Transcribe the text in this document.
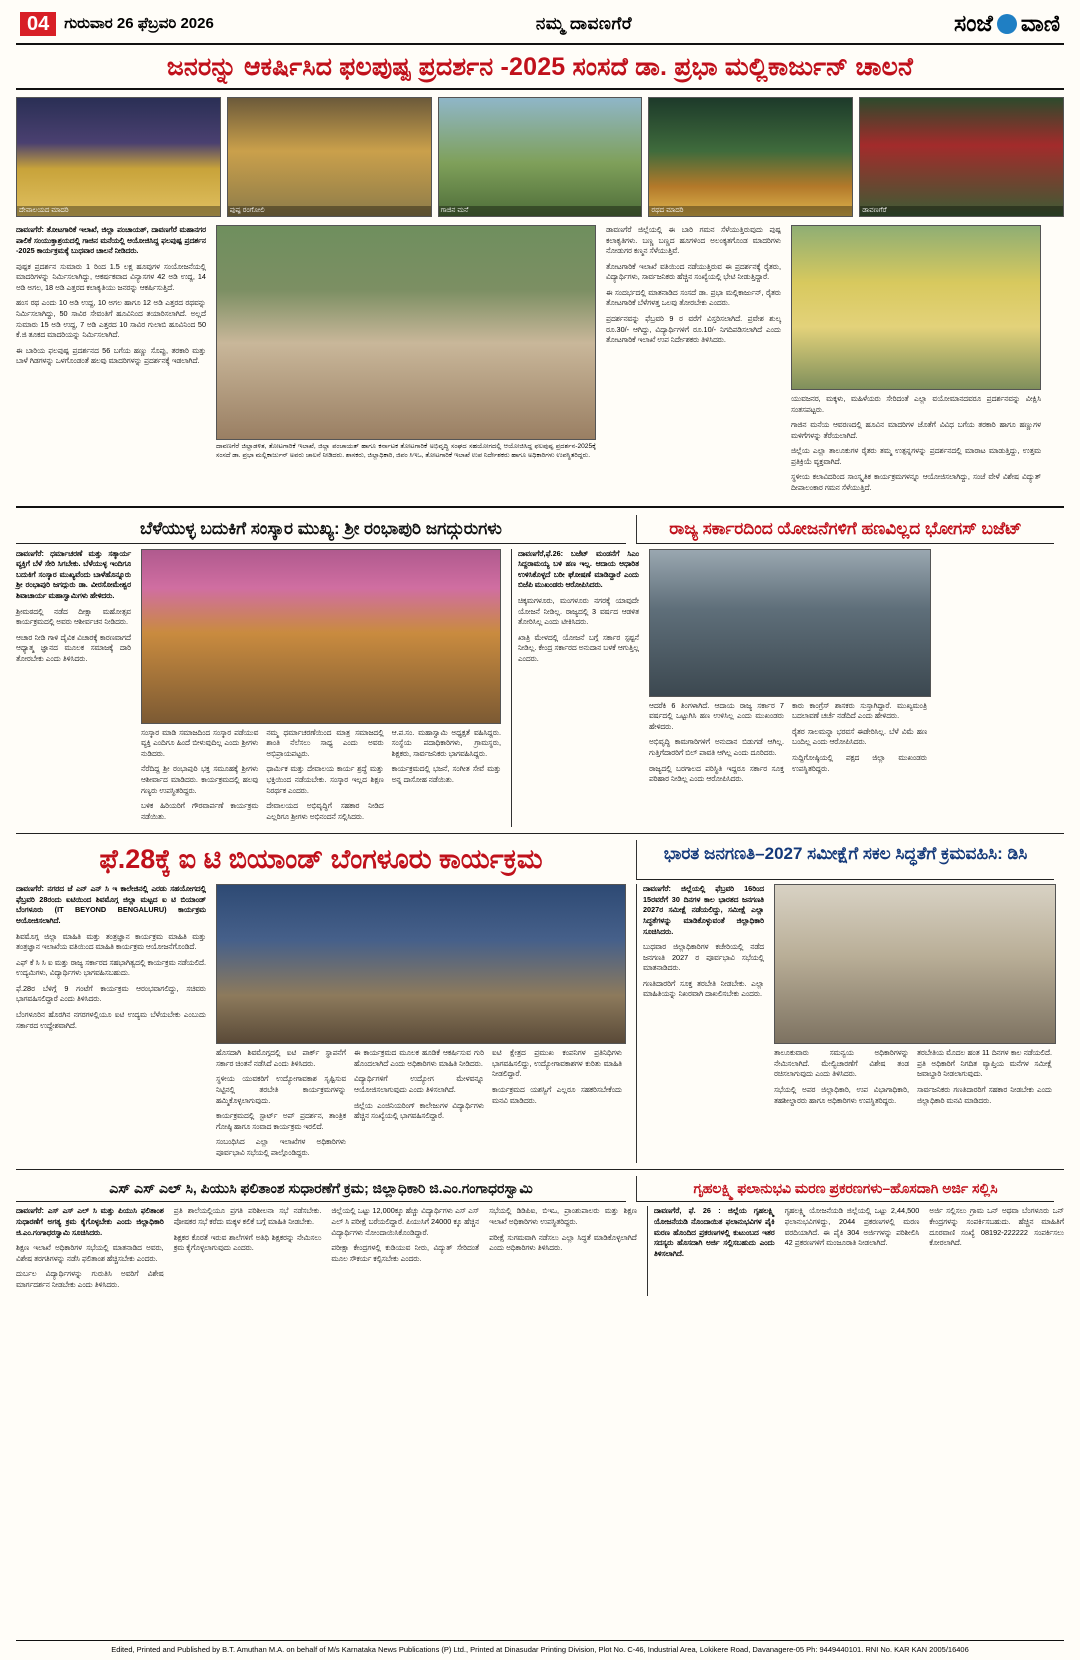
04	ಗುರುವಾರ 26 ಫೆಬ್ರವರಿ 2026	ನಮ್ಮ ದಾವಣಗೆರೆ	ಸಂಜೆ ವಾಣಿ
ಜನರನ್ನು ಆಕರ್ಷಿಸಿದ ಫಲಪುಷ್ಪ ಪ್ರದರ್ಶನ -2025 ಸಂಸದೆ ಡಾ. ಪ್ರಭಾ ಮಲ್ಲಿಕಾರ್ಜುನ್ ಚಾಲನೆ
ದೇವಾಲಯದ ಮಾದರಿ	ಪುಷ್ಪ ರಂಗೋಲಿ	ಗಾಜಿನ ಮನೆ	ರಥದ ಮಾದರಿ	ಡಾವಣಗೆರೆ

ದಾವಣಗೆರೆ: ತೋಟಗಾರಿಕೆ ಇಲಾಖೆ, ಜಿಲ್ಲಾ ಪಂಚಾಯತ್, ದಾವಣಗೆರೆ ಮಹಾನಗರ ಪಾಲಿಕೆ ಸಂಯುಕ್ತಾಶ್ರಯದಲ್ಲಿ ಗಾಜಿನ ಮನೆಯಲ್ಲಿ ಆಯೋಜಿಸಿದ್ದ ಫಲಪುಷ್ಪ ಪ್ರದರ್ಶನ -2025 ಕಾರ್ಯಕ್ರಮಕ್ಕೆ ಬುಧವಾರ ಚಾಲನೆ ನೀಡಿದರು.

ಪುಷ್ಪಕ ಪ್ರದರ್ಶನ ಸುಮಾರು 1 ರಿಂದ 1.5 ಲಕ್ಷ ಹೂವುಗಳ ಸಂಯೋಜನೆಯಲ್ಲಿ ಮಾದರಿಗಳನ್ನು ನಿರ್ಮಿಸಲಾಗಿದ್ದು, ಆಕರ್ಷಕವಾದ ವಿನ್ಯಾಸಗಳ 42 ಅಡಿ ಉದ್ದ, 14 ಅಡಿ ಅಗಲ, 18 ಅಡಿ ಎತ್ತರದ ಕಲಾಕೃತಿಯು ಜನರನ್ನು ಆಕರ್ಷಿಸುತ್ತಿದೆ.

ಹಂಸ ರಥ ಎಂದು 10 ಅಡಿ ಉದ್ದ, 10 ಅಗಲ ಹಾಗೂ 12 ಅಡಿ ಎತ್ತರದ ರಥವನ್ನು ನಿರ್ಮಿಸಲಾಗಿದ್ದು, 50 ಸಾವಿರ ಸೇವಂತಿಗೆ ಹೂವಿನಿಂದ ತಯಾರಿಸಲಾಗಿದೆ. ಅಲ್ಲದೆ ಸುಮಾರು 15 ಅಡಿ ಉದ್ದ, 7 ಅಡಿ ಎತ್ತರದ 10 ಸಾವಿರ ಗುಲಾಬಿ ಹೂವಿನಿಂದ 50 ಕೆ.ಜಿ ತೂಕದ ಮಾದರಿಯನ್ನು ನಿರ್ಮಿಸಲಾಗಿದೆ.

ಈ ಬಾರಿಯ ಫಲಪುಷ್ಪ ಪ್ರದರ್ಶನದ 56 ಬಗೆಯ ಹಣ್ಣು ಸೊಪ್ಪು, ತರಕಾರಿ ಮತ್ತು ಬಾಳೆ ಗಿಡಗಳನ್ನು ಒಳಗೊಂಡಂತೆ ಹಲವು ಮಾದರಿಗಳನ್ನು ಪ್ರದರ್ಶನಕ್ಕೆ ಇಡಲಾಗಿದೆ.

ದಾವಣಗೆರೆ ಜಿಲ್ಲಾಡಳಿತ, ತೋಟಗಾರಿಕೆ ಇಲಾಖೆ, ಜಿಲ್ಲಾ ಪಂಚಾಯತ್ ಹಾಗೂ ಕರ್ನಾಟಕ ತೋಟಗಾರಿಕೆ ಅಭಿವೃದ್ಧಿ ಸಂಘದ ಸಹಯೋಗದಲ್ಲಿ ಆಯೋಜಿಸಿದ್ದ ಫಲಪುಷ್ಪ ಪ್ರದರ್ಶನ-2025ಕ್ಕೆ ಸಂಸದೆ ಡಾ. ಪ್ರಭಾ ಮಲ್ಲಿಕಾರ್ಜುನ್ ಅವರು ಚಾಲನೆ ನೀಡಿದರು. ಶಾಸಕರು, ಜಿಲ್ಲಾಧಿಕಾರಿ, ಜಿಪಂ ಸಿಇಒ, ತೋಟಗಾರಿಕೆ ಇಲಾಖೆ ಉಪ ನಿರ್ದೇಶಕರು ಹಾಗೂ ಅಧಿಕಾರಿಗಳು ಉಪಸ್ಥಿತರಿದ್ದರು.

ಡಾವಣಗೆರೆ ಜಿಲ್ಲೆಯಲ್ಲಿ ಈ ಬಾರಿ ಗಮನ ಸೆಳೆಯುತ್ತಿರುವುದು ಪುಷ್ಪ ಕಲಾಕೃತಿಗಳು. ಬಣ್ಣ ಬಣ್ಣದ ಹೂಗಳಿಂದ ಅಲಂಕೃತಗೊಂಡ ಮಾದರಿಗಳು ನೋಡುಗರ ಕಣ್ಮನ ಸೆಳೆಯುತ್ತಿವೆ.

ತೋಟಗಾರಿಕೆ ಇಲಾಖೆ ವತಿಯಿಂದ ನಡೆಯುತ್ತಿರುವ ಈ ಪ್ರದರ್ಶನಕ್ಕೆ ರೈತರು, ವಿದ್ಯಾರ್ಥಿಗಳು, ಸಾರ್ವಜನಿಕರು ಹೆಚ್ಚಿನ ಸಂಖ್ಯೆಯಲ್ಲಿ ಭೇಟಿ ನೀಡುತ್ತಿದ್ದಾರೆ.

ಈ ಸಂದರ್ಭದಲ್ಲಿ ಮಾತನಾಡಿದ ಸಂಸದೆ ಡಾ. ಪ್ರಭಾ ಮಲ್ಲಿಕಾರ್ಜುನ್, ರೈತರು ತೋಟಗಾರಿಕೆ ಬೆಳೆಗಳತ್ತ ಒಲವು ತೋರಬೇಕು ಎಂದರು.

ಪ್ರದರ್ಶನವನ್ನು ಫೆಬ್ರವರಿ 9 ರ ವರೆಗೆ ವಿಸ್ತರಿಸಲಾಗಿದೆ. ಪ್ರವೇಶ ಶುಲ್ಕ ರೂ.30/- ಆಗಿದ್ದು, ವಿದ್ಯಾರ್ಥಿಗಳಿಗೆ ರೂ.10/- ನಿಗದಿಪಡಿಸಲಾಗಿದೆ ಎಂದು ತೋಟಗಾರಿಕೆ ಇಲಾಖೆ ಉಪ ನಿರ್ದೇಶಕರು ತಿಳಿಸಿದರು.

ಯುವಜನರ, ಮಕ್ಕಳು, ಮಹಿಳೆಯರು ಸೇರಿದಂತೆ ಎಲ್ಲಾ ವಯೋಮಾನದವರೂ ಪ್ರದರ್ಶನವನ್ನು ವೀಕ್ಷಿಸಿ ಸಂತಸಪಟ್ಟರು.

ಗಾಜಿನ ಮನೆಯ ಆವರಣದಲ್ಲಿ ಹೂವಿನ ಮಾದರಿಗಳ ಜೊತೆಗೆ ವಿವಿಧ ಬಗೆಯ ತರಕಾರಿ ಹಾಗೂ ಹಣ್ಣುಗಳ ಮಳಿಗೆಗಳನ್ನು ತೆರೆಯಲಾಗಿದೆ.

ಜಿಲ್ಲೆಯ ಎಲ್ಲಾ ತಾಲೂಕುಗಳ ರೈತರು ತಮ್ಮ ಉತ್ಪನ್ನಗಳನ್ನು ಪ್ರದರ್ಶನದಲ್ಲಿ ಮಾರಾಟ ಮಾಡುತ್ತಿದ್ದು, ಉತ್ತಮ ಪ್ರತಿಕ್ರಿಯೆ ವ್ಯಕ್ತವಾಗಿದೆ.

ಸ್ಥಳೀಯ ಕಲಾವಿದರಿಂದ ಸಾಂಸ್ಕೃತಿಕ ಕಾರ್ಯಕ್ರಮಗಳನ್ನೂ ಆಯೋಜಿಸಲಾಗಿದ್ದು, ಸಂಜೆ ವೇಳೆ ವಿಶೇಷ ವಿದ್ಯುತ್ ದೀಪಾಲಂಕಾರ ಗಮನ ಸೆಳೆಯುತ್ತಿದೆ.

ಬೆಳೆಯುಳ್ಳ ಬದುಕಿಗೆ ಸಂಸ್ಕಾರ ಮುಖ್ಯ: ಶ್ರೀ ರಂಭಾಪುರಿ ಜಗದ್ಗುರುಗಳು	ರಾಜ್ಯ ಸರ್ಕಾರದಿಂದ ಯೋಜನೆಗಳಿಗೆ ಹಣವಿಲ್ಲದ ಭೋಗಸ್ ಬಜೆಟ್

ದಾವಣಗೆರೆ: ಧರ್ಮಾಚರಣೆ ಮತ್ತು ಸತ್ಕಾರ್ಯ ವ್ಯಕ್ತಿಗೆ ಬೆಳೆ ಸೇರಿ ಸಿಗಬೇಕು. ಬೆಳೆಯುಳ್ಳ ಇಂದಿಗೂ ಬದುಕಿಗೆ ಸಂಸ್ಕಾರ ಮುಖ್ಯವೆಂದು ಬಾಳೆಹೊನ್ನೂರು ಶ್ರೀ ರಂಭಾಪುರಿ ಜಗದ್ಗುರು ಡಾ. ವೀರಸೋಮೇಶ್ವರ ಶಿವಾಚಾರ್ಯ ಮಹಾಸ್ವಾಮಿಗಳು ಹೇಳಿದರು.

ಶ್ರೀಮಠದಲ್ಲಿ ನಡೆದ ದೀಕ್ಷಾ ಮಹೋತ್ಸವ ಕಾರ್ಯಕ್ರಮದಲ್ಲಿ ಅವರು ಆಶೀರ್ವಚನ ನೀಡಿದರು.

ಆಚಾರ ನೀಡಿ ಗಾಳಿ ದೈವಿಕ ವಿಚಾರಕ್ಕೆ ಕಾರಣವಾಗದೆ ಆಧ್ಯಾತ್ಮ ಜ್ಞಾನದ ಮೂಲಕ ಸಮಾಜಕ್ಕೆ ದಾರಿ ತೋರಬೇಕು ಎಂದು ತಿಳಿಸಿದರು.

ಸಂಸ್ಕಾರ ಮಾಡಿ ಸಮಾಜದಿಂದ ಸಂಸ್ಕಾರ ಪಡೆಯುವ ವ್ಯಕ್ತಿ ಎಂದಿಗೂ ಹಿಂದೆ ಬೀಳುವುದಿಲ್ಲ ಎಂದು ಶ್ರೀಗಳು ನುಡಿದರು.

ನೆರೆದಿದ್ದ ಶ್ರೀ ರಂಭಾಪುರಿ ಭಕ್ತ ಸಮೂಹಕ್ಕೆ ಶ್ರೀಗಳು ಆಶೀರ್ವಾದ ಮಾಡಿದರು. ಕಾರ್ಯಕ್ರಮದಲ್ಲಿ ಹಲವು ಗಣ್ಯರು ಉಪಸ್ಥಿತರಿದ್ದರು.

ಬಳಿಕ ಹಿರಿಯರಿಗೆ ಗೌರವಾರ್ಪಣೆ ಕಾರ್ಯಕ್ರಮ ನಡೆಯಿತು.

ನಮ್ಮ ಧರ್ಮಾಚರಣೆಯಿಂದ ಮಾತ್ರ ಸಮಾಜದಲ್ಲಿ ಶಾಂತಿ ನೆಲೆಸಲು ಸಾಧ್ಯ ಎಂದು ಅವರು ಅಭಿಪ್ರಾಯಪಟ್ಟರು.

ಧಾರ್ಮಿಕ ಮತ್ತು ದೇವಾಲಯ ಕಾರ್ಯ ಶ್ರದ್ಧೆ ಮತ್ತು ಭಕ್ತಿಯಿಂದ ನಡೆಯಬೇಕು. ಸಂಸ್ಕಾರ ಇಲ್ಲದ ಶಿಕ್ಷಣ ನಿರರ್ಥಕ ಎಂದರು.

ದೇವಾಲಯದ ಅಭಿವೃದ್ಧಿಗೆ ಸಹಕಾರ ನೀಡಿದ ಎಲ್ಲರಿಗೂ ಶ್ರೀಗಳು ಅಭಿನಂದನೆ ಸಲ್ಲಿಸಿದರು.

ಆ.ಪ.ಸಂ. ಮಹಾಸ್ವಾಮಿ ಅಧ್ಯಕ್ಷತೆ ವಹಿಸಿದ್ದರು. ಸಂಸ್ಥೆಯ ಪದಾಧಿಕಾರಿಗಳು, ಗ್ರಾಮಸ್ಥರು, ಶಿಕ್ಷಕರು, ಸಾರ್ವಜನಿಕರು ಭಾಗವಹಿಸಿದ್ದರು.

ಕಾರ್ಯಕ್ರಮದಲ್ಲಿ ಭಜನೆ, ಸಂಗೀತ ಸೇವೆ ಮತ್ತು ಅನ್ನ ದಾಸೋಹ ನಡೆಯಿತು.

ದಾವಣಗೆರೆ,ಫೆ.26: ಬಜೆಟ್ ಮಂಡನೆಗೆ ಸಿಎಂ ಸಿದ್ದರಾಮಯ್ಯ ಬಳಿ ಹಣ ಇಲ್ಲ. ಆದಾಯ ಆಧಾರಿತ ಉಳಿಸಿಕೊಳ್ಳದೆ ಬರೀ ಘೋಷಣೆ ಮಾಡಿದ್ದಾರೆ ಎಂದು ಬಿಜೆಪಿ ಮುಖಂಡರು ಆರೋಪಿಸಿದರು.

ಚಿಕ್ಕಮಗಳೂರು, ಮಂಗಳೂರು ನಗರಕ್ಕೆ ಯಾವುದೇ ಯೋಜನೆ ನೀಡಿಲ್ಲ. ರಾಜ್ಯದಲ್ಲಿ 3 ವರ್ಷದ ಆಡಳಿತ ತೋರಿಸಿಲ್ಲ ಎಂದು ಟೀಕಿಸಿದರು.

ಖಾತ್ರಿ ಮೇಳದಲ್ಲಿ ಯೋಜನೆ ಬಗ್ಗೆ ಸರ್ಕಾರ ಸ್ಪಷ್ಟನೆ ನೀಡಿಲ್ಲ. ಕೇಂದ್ರ ಸರ್ಕಾರದ ಅನುದಾನ ಬಳಕೆ ಆಗುತ್ತಿಲ್ಲ ಎಂದರು.

ಆದರೆಕಿ 6 ತಿಂಗಳಾಗಿದೆ. ಆದಾಯ ರಾಜ್ಯ ಸರ್ಕಾರ 7 ವರ್ಷದಲ್ಲಿ ಒಟ್ಟುಗಿಸಿ ಹಣ ಉಳಿಸಿಲ್ಲ ಎಂದು ಮುಖಂಡರು ಹೇಳಿದರು.

ಅಭಿವೃದ್ಧಿ ಕಾಮಗಾರಿಗಳಿಗೆ ಅನುದಾನ ಬಿಡುಗಡೆ ಆಗಿಲ್ಲ. ಗುತ್ತಿಗೆದಾರರಿಗೆ ಬಿಲ್ ಪಾವತಿ ಆಗಿಲ್ಲ ಎಂದು ದೂರಿದರು.

ರಾಜ್ಯದಲ್ಲಿ ಬರಗಾಲದ ಪರಿಸ್ಥಿತಿ ಇದ್ದರೂ ಸರ್ಕಾರ ಸೂಕ್ತ ಪರಿಹಾರ ನೀಡಿಲ್ಲ ಎಂದು ಆರೋಪಿಸಿದರು.

ಕಾರು ಕಾಂಗ್ರೆಸ್ ಶಾಸಕರು ಸುಸ್ತಾಗಿದ್ದಾರೆ. ಮುಖ್ಯಮಂತ್ರಿ ಬದಲಾವಣೆ ಚರ್ಚೆ ನಡೆದಿದೆ ಎಂದು ಹೇಳಿದರು.

ರೈತರ ಸಾಲಮನ್ನಾ ಭರವಸೆ ಈಡೇರಿಸಿಲ್ಲ. ಬೆಳೆ ವಿಮೆ ಹಣ ಬಂದಿಲ್ಲ ಎಂದು ಆರೋಪಿಸಿದರು.

ಸುದ್ದಿಗೋಷ್ಠಿಯಲ್ಲಿ ಪಕ್ಷದ ಜಿಲ್ಲಾ ಮುಖಂಡರು ಉಪಸ್ಥಿತರಿದ್ದರು.

ಫೆ.28ಕ್ಕೆ ಐ ಟಿ ಬಿಯಾಂಡ್ ಬೆಂಗಳೂರು ಕಾರ್ಯಕ್ರಮ	ಭಾರತ ಜನಗಣತಿ–2027 ಸಮೀಕ್ಷೆಗೆ ಸಕಲ ಸಿದ್ಧತೆಗೆ ಕ್ರಮವಹಿಸಿ: ಡಿಸಿ

ದಾವಣಗೆರೆ: ನಗರದ ಜೆ ಎನ್ ಎನ್ ಸಿ ಇ ಕಾಲೇಜಿನಲ್ಲಿ ಎರಡು ಸಹಯೋಗದಲ್ಲಿ ಫೆಬ್ರವರಿ 28ರಂದು ಐಟಿಯಿಂದ ಶಿವಮೊಗ್ಗ ಜಿಲ್ಲಾ ಮಟ್ಟದ ಐ ಟಿ ಬಿಯಾಂಡ್ ಬೆಂಗಳೂರು (IT BEYOND BENGALURU) ಕಾರ್ಯಕ್ರಮ ಆಯೋಜಿಸಲಾಗಿದೆ.

ಶಿವಮೊಗ್ಗ ಜಿಲ್ಲಾ ಮಾಹಿತಿ ಮತ್ತು ತಂತ್ರಜ್ಞಾನ ಕಾರ್ಯಕ್ರಮ ಮಾಹಿತಿ ಮತ್ತು ತಂತ್ರಜ್ಞಾನ ಇಲಾಖೆಯ ವತಿಯಿಂದ ಮಾಹಿತಿ ಕಾರ್ಯಕ್ರಮ ಆಯೋಜನೆಗೊಂಡಿದೆ.

ಎಫ್ ಕೆ ಸಿ ಸಿ ಐ ಮತ್ತು ರಾಜ್ಯ ಸರ್ಕಾರದ ಸಹಭಾಗಿತ್ವದಲ್ಲಿ ಕಾರ್ಯಕ್ರಮ ನಡೆಯಲಿದೆ. ಉದ್ಯಮಿಗಳು, ವಿದ್ಯಾರ್ಥಿಗಳು ಭಾಗವಹಿಸಬಹುದು.

ಫೆ.28ರ ಬೆಳಿಗ್ಗೆ 9 ಗಂಟೆಗೆ ಕಾರ್ಯಕ್ರಮ ಆರಂಭವಾಗಲಿದ್ದು, ಸಚಿವರು ಭಾಗವಹಿಸಲಿದ್ದಾರೆ ಎಂದು ತಿಳಿಸಿದರು.

ಬೆಂಗಳೂರಿನ ಹೊರಗಿನ ನಗರಗಳಲ್ಲಿಯೂ ಐಟಿ ಉದ್ಯಮ ಬೆಳೆಯಬೇಕು ಎಂಬುದು ಸರ್ಕಾರದ ಉದ್ದೇಶವಾಗಿದೆ.

ಹೊಸದಾಗಿ ಶಿವಮೊಗ್ಗದಲ್ಲಿ ಐಟಿ ಪಾರ್ಕ್ ಸ್ಥಾಪನೆಗೆ ಸರ್ಕಾರ ಚಿಂತನೆ ನಡೆಸಿದೆ ಎಂದು ತಿಳಿಸಿದರು.

ಸ್ಥಳೀಯ ಯುವಕರಿಗೆ ಉದ್ಯೋಗಾವಕಾಶ ಸೃಷ್ಟಿಸುವ ನಿಟ್ಟಿನಲ್ಲಿ ತರಬೇತಿ ಕಾರ್ಯಕ್ರಮಗಳನ್ನು ಹಮ್ಮಿಕೊಳ್ಳಲಾಗುವುದು.

ಕಾರ್ಯಕ್ರಮದಲ್ಲಿ ಸ್ಟಾರ್ಟ್ ಅಪ್ ಪ್ರದರ್ಶನ, ತಾಂತ್ರಿಕ ಗೋಷ್ಠಿ ಹಾಗೂ ಸಂವಾದ ಕಾರ್ಯಕ್ರಮ ಇರಲಿದೆ.

ಸಂಬಂಧಿಸಿದ ಎಲ್ಲಾ ಇಲಾಖೆಗಳ ಅಧಿಕಾರಿಗಳು ಪೂರ್ವಭಾವಿ ಸಭೆಯಲ್ಲಿ ಪಾಲ್ಗೊಂಡಿದ್ದರು.

ಈ ಕಾರ್ಯಕ್ರಮದ ಮೂಲಕ ಹೂಡಿಕೆ ಆಕರ್ಷಿಸುವ ಗುರಿ ಹೊಂದಲಾಗಿದೆ ಎಂದು ಅಧಿಕಾರಿಗಳು ಮಾಹಿತಿ ನೀಡಿದರು.

ವಿದ್ಯಾರ್ಥಿಗಳಿಗೆ ಉದ್ಯೋಗ ಮೇಳವನ್ನೂ ಆಯೋಜಿಸಲಾಗುವುದು ಎಂದು ತಿಳಿಸಲಾಗಿದೆ.

ಜಿಲ್ಲೆಯ ಎಂಜಿನಿಯರಿಂಗ್ ಕಾಲೇಜುಗಳ ವಿದ್ಯಾರ್ಥಿಗಳು ಹೆಚ್ಚಿನ ಸಂಖ್ಯೆಯಲ್ಲಿ ಭಾಗವಹಿಸಲಿದ್ದಾರೆ.

ಐಟಿ ಕ್ಷೇತ್ರದ ಪ್ರಮುಖ ಕಂಪನಿಗಳ ಪ್ರತಿನಿಧಿಗಳು ಭಾಗವಹಿಸಲಿದ್ದು, ಉದ್ಯೋಗಾವಕಾಶಗಳ ಕುರಿತು ಮಾಹಿತಿ ನೀಡಲಿದ್ದಾರೆ.

ಕಾರ್ಯಕ್ರಮದ ಯಶಸ್ವಿಗೆ ಎಲ್ಲರೂ ಸಹಕರಿಸಬೇಕೆಂದು ಮನವಿ ಮಾಡಿದರು.

ದಾವಣಗೆರೆ: ಜಿಲ್ಲೆಯಲ್ಲಿ ಫೆಬ್ರವರಿ 16ರಿಂದ 15ರವರೆಗೆ 30 ದಿನಗಳ ಕಾಲ ಭಾರತದ ಜನಗಣತಿ 2027ರ ಸಮೀಕ್ಷೆ ನಡೆಯಲಿದ್ದು, ಸಮೀಕ್ಷೆ ಎಲ್ಲಾ ಸಿದ್ಧತೆಗಳನ್ನು ಮಾಡಿಕೊಳ್ಳುವಂತೆ ಜಿಲ್ಲಾಧಿಕಾರಿ ಸೂಚಿಸಿದರು.

ಬುಧವಾರ ಜಿಲ್ಲಾಧಿಕಾರಿಗಳ ಕಚೇರಿಯಲ್ಲಿ ನಡೆದ ಜನಗಣತಿ 2027 ರ ಪೂರ್ವಭಾವಿ ಸಭೆಯಲ್ಲಿ ಮಾತನಾಡಿದರು.

ಗಣತಿದಾರರಿಗೆ ಸೂಕ್ತ ತರಬೇತಿ ನೀಡಬೇಕು. ಎಲ್ಲಾ ಮಾಹಿತಿಯನ್ನು ನಿಖರವಾಗಿ ದಾಖಲಿಸಬೇಕು ಎಂದರು.

ತಾಲೂಕುವಾರು ಸಮನ್ವಯ ಅಧಿಕಾರಿಗಳನ್ನು ನೇಮಿಸಲಾಗಿದೆ. ಮೇಲ್ವಿಚಾರಣೆಗೆ ವಿಶೇಷ ತಂಡ ರಚಿಸಲಾಗುವುದು ಎಂದು ತಿಳಿಸಿದರು.

ಸಭೆಯಲ್ಲಿ ಅಪರ ಜಿಲ್ಲಾಧಿಕಾರಿ, ಉಪ ವಿಭಾಗಾಧಿಕಾರಿ, ತಹಶೀಲ್ದಾರರು ಹಾಗೂ ಅಧಿಕಾರಿಗಳು ಉಪಸ್ಥಿತರಿದ್ದರು.

ತರಬೇತಿಯ ಮೊದಲ ಹಂತ 11 ದಿನಗಳ ಕಾಲ ನಡೆಯಲಿದೆ. ಪ್ರತಿ ಅಧಿಕಾರಿಗೆ ನಿಗದಿತ ವ್ಯಾಪ್ತಿಯ ಮನೆಗಳ ಸಮೀಕ್ಷೆ ಜವಾಬ್ದಾರಿ ನೀಡಲಾಗುವುದು.

ಸಾರ್ವಜನಿಕರು ಗಣತಿದಾರರಿಗೆ ಸಹಕಾರ ನೀಡಬೇಕು ಎಂದು ಜಿಲ್ಲಾಧಿಕಾರಿ ಮನವಿ ಮಾಡಿದರು.

ಎಸ್ ಎಸ್ ಎಲ್ ಸಿ, ಪಿಯುಸಿ ಫಲಿತಾಂಶ ಸುಧಾರಣೆಗೆ ಕ್ರಮ; ಜಿಲ್ಲಾಧಿಕಾರಿ ಜಿ.ಎಂ.ಗಂಗಾಧರಸ್ವಾಮಿ	ಗೃಹಲಕ್ಷ್ಮಿ ಫಲಾನುಭವಿ ಮರಣ ಪ್ರಕರಣಗಳು–ಹೊಸದಾಗಿ ಅರ್ಜಿ ಸಲ್ಲಿಸಿ

ದಾವಣಗೆರೆ: ಎಸ್ ಎಸ್ ಎಲ್ ಸಿ ಮತ್ತು ಪಿಯುಸಿ ಫಲಿತಾಂಶ ಸುಧಾರಣೆಗೆ ಅಗತ್ಯ ಕ್ರಮ ಕೈಗೊಳ್ಳಬೇಕು ಎಂದು ಜಿಲ್ಲಾಧಿಕಾರಿ ಜಿ.ಎಂ.ಗಂಗಾಧರಸ್ವಾಮಿ ಸೂಚಿಸಿದರು.

ಶಿಕ್ಷಣ ಇಲಾಖೆ ಅಧಿಕಾರಿಗಳ ಸಭೆಯಲ್ಲಿ ಮಾತನಾಡಿದ ಅವರು, ವಿಶೇಷ ತರಗತಿಗಳನ್ನು ನಡೆಸಿ ಫಲಿತಾಂಶ ಹೆಚ್ಚಿಸಬೇಕು ಎಂದರು.

ದುರ್ಬಲ ವಿದ್ಯಾರ್ಥಿಗಳನ್ನು ಗುರುತಿಸಿ ಅವರಿಗೆ ವಿಶೇಷ ಮಾರ್ಗದರ್ಶನ ನೀಡಬೇಕು ಎಂದು ತಿಳಿಸಿದರು.

ಪ್ರತಿ ಶಾಲೆಯಲ್ಲಿಯೂ ಪ್ರಗತಿ ಪರಿಶೀಲನಾ ಸಭೆ ನಡೆಸಬೇಕು. ಪೋಷಕರ ಸಭೆ ಕರೆದು ಮಕ್ಕಳ ಕಲಿಕೆ ಬಗ್ಗೆ ಮಾಹಿತಿ ನೀಡಬೇಕು.

ಶಿಕ್ಷಕರ ಕೊರತೆ ಇರುವ ಶಾಲೆಗಳಿಗೆ ಅತಿಥಿ ಶಿಕ್ಷಕರನ್ನು ನೇಮಿಸಲು ಕ್ರಮ ಕೈಗೊಳ್ಳಲಾಗುವುದು ಎಂದರು.

ಜಿಲ್ಲೆಯಲ್ಲಿ ಒಟ್ಟು 12,000ಕ್ಕೂ ಹೆಚ್ಚು ವಿದ್ಯಾರ್ಥಿಗಳು ಎಸ್ ಎಸ್ ಎಲ್ ಸಿ ಪರೀಕ್ಷೆ ಬರೆಯಲಿದ್ದಾರೆ. ಪಿಯುಸಿಗೆ 24000 ಕ್ಕೂ ಹೆಚ್ಚಿನ ವಿದ್ಯಾರ್ಥಿಗಳು ನೋಂದಾಯಿಸಿಕೊಂಡಿದ್ದಾರೆ.

ಪರೀಕ್ಷಾ ಕೇಂದ್ರಗಳಲ್ಲಿ ಕುಡಿಯುವ ನೀರು, ವಿದ್ಯುತ್ ಸೇರಿದಂತೆ ಮೂಲ ಸೌಕರ್ಯ ಕಲ್ಪಿಸಬೇಕು ಎಂದರು.

ಸಭೆಯಲ್ಲಿ ಡಿಡಿಪಿಐ, ಬಿಇಒ, ಪ್ರಾಂಶುಪಾಲರು ಮತ್ತು ಶಿಕ್ಷಣ ಇಲಾಖೆ ಅಧಿಕಾರಿಗಳು ಉಪಸ್ಥಿತರಿದ್ದರು.

ಪರೀಕ್ಷೆ ಸುಗಮವಾಗಿ ನಡೆಸಲು ಎಲ್ಲಾ ಸಿದ್ಧತೆ ಮಾಡಿಕೊಳ್ಳಲಾಗಿದೆ ಎಂದು ಅಧಿಕಾರಿಗಳು ತಿಳಿಸಿದರು.

ದಾವಣಗೆರೆ, ಫೆ. 26 : ಜಿಲ್ಲೆಯ ಗೃಹಲಕ್ಷ್ಮಿ ಯೋಜನೆಯಡಿ ನೊಂದಾಯಿತ ಫಲಾನುಭವಿಗಳ ಪೈಕಿ ಮರಣ ಹೊಂದಿದ ಪ್ರಕರಣಗಳಲ್ಲಿ ಕುಟುಂಬದ ಇತರ ಸದಸ್ಯರು ಹೊಸದಾಗಿ ಅರ್ಜಿ ಸಲ್ಲಿಸಬಹುದು ಎಂದು ತಿಳಿಸಲಾಗಿದೆ.

ಗೃಹಲಕ್ಷ್ಮಿ ಯೋಜನೆಯಡಿ ಜಿಲ್ಲೆಯಲ್ಲಿ ಒಟ್ಟು 2,44,500 ಫಲಾನುಭವಿಗಳಿದ್ದು, 2044 ಪ್ರಕರಣಗಳಲ್ಲಿ ಮರಣ ವರದಿಯಾಗಿದೆ. ಈ ಪೈಕಿ 304 ಅರ್ಜಿಗಳನ್ನು ಪರಿಶೀಲಿಸಿ 42 ಪ್ರಕರಣಗಳಿಗೆ ಮಂಜೂರಾತಿ ನೀಡಲಾಗಿದೆ.

ಅರ್ಜಿ ಸಲ್ಲಿಸಲು ಗ್ರಾಮ ಒನ್ ಅಥವಾ ಬೆಂಗಳೂರು ಒನ್ ಕೇಂದ್ರಗಳನ್ನು ಸಂಪರ್ಕಿಸಬಹುದು. ಹೆಚ್ಚಿನ ಮಾಹಿತಿಗೆ ದೂರವಾಣಿ ಸಂಖ್ಯೆ 08192-222222 ಸಂಪರ್ಕಿಸಲು ಕೋರಲಾಗಿದೆ.

Edited, Printed and Published by B.T. Amuthan M.A. on behalf of M/s Karnataka News Publications (P) Ltd., Printed at Dinasudar Printing Division, Plot No. C-46, Industrial Area, Lokikere Road, Davanagere-05 Ph: 9449440101. RNI No. KAR KAN 2005/16406
